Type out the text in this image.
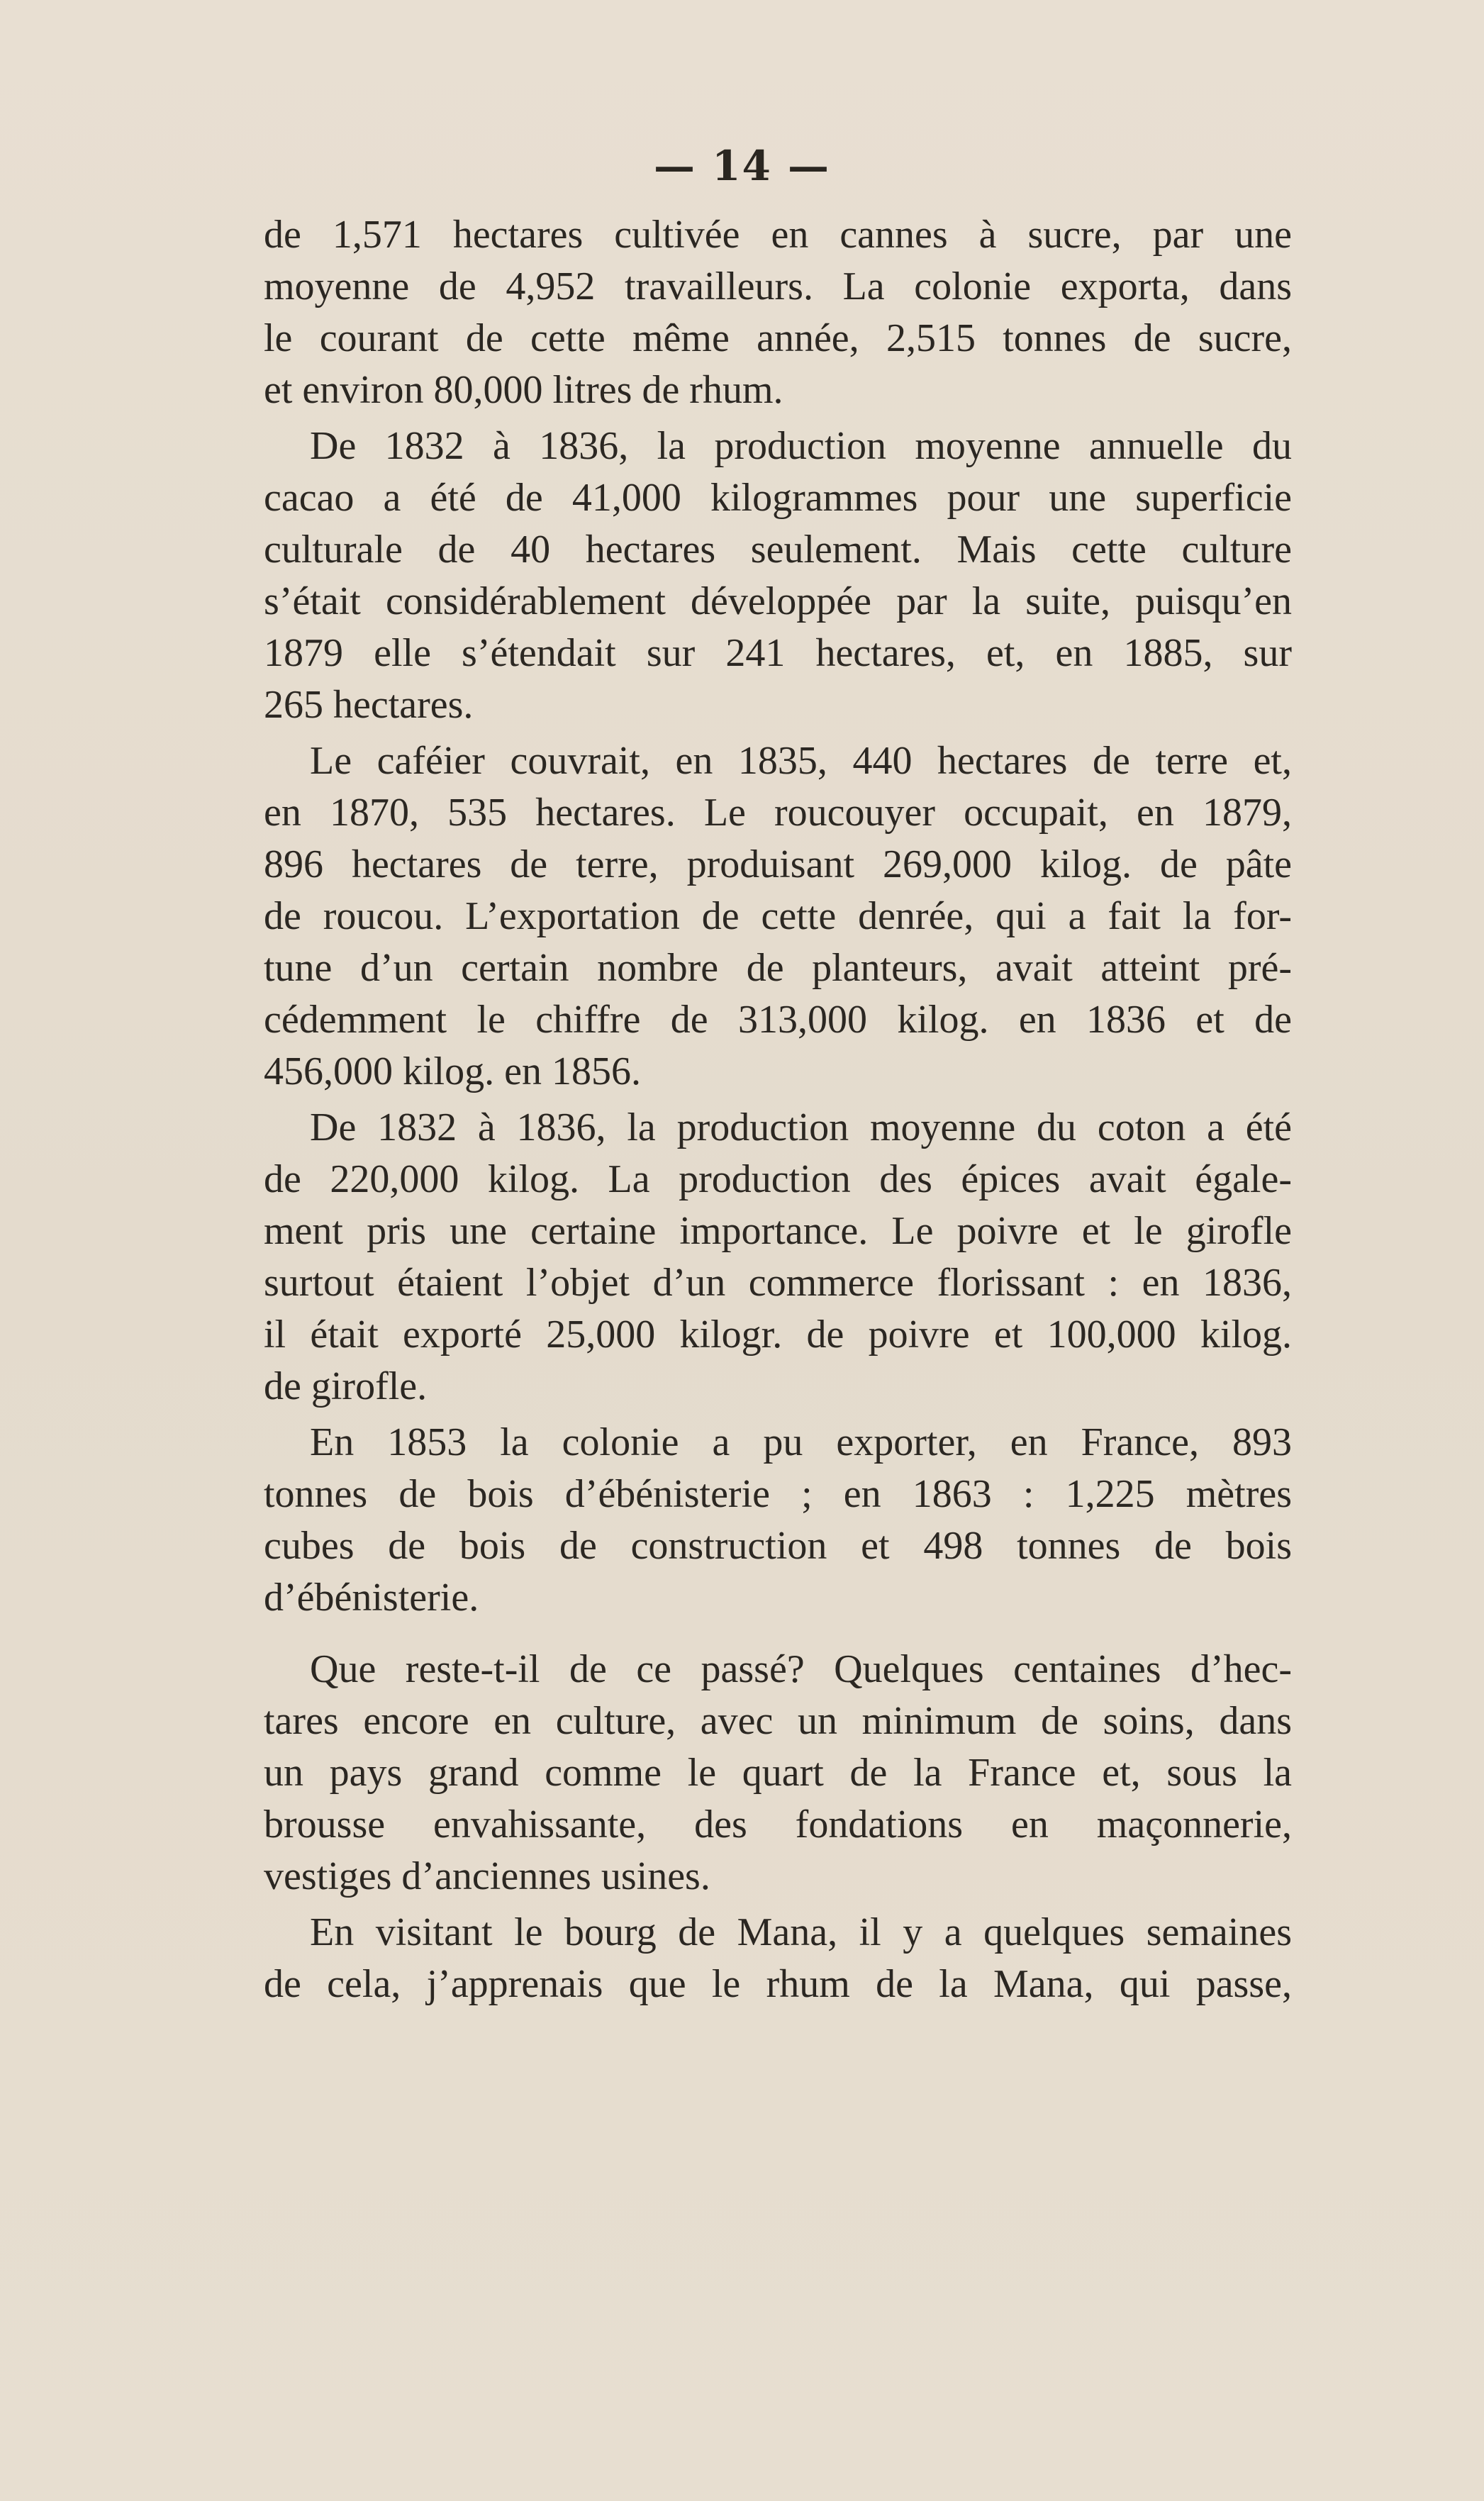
— 14 —
de 1,571 hectares cultivée en cannes à sucre, par une
moyenne de 4,952 travailleurs. La colonie exporta, dans
le courant de cette même année, 2,515 tonnes de sucre,
et environ 80,000 litres de rhum.
De 1832 à 1836, la production moyenne annuelle du
cacao a été de 41,000 kilogrammes pour une superficie
culturale de 40 hectares seulement. Mais cette culture
s’était considérablement développée par la suite, puisqu’en
1879 elle s’étendait sur 241 hectares, et, en 1885, sur
265 hectares.
Le caféier couvrait, en 1835, 440 hectares de terre et,
en 1870, 535 hectares. Le roucouyer occupait, en 1879,
896 hectares de terre, produisant 269,000 kilog. de pâte
de roucou. L’exportation de cette denrée, qui a fait la for-
tune d’un certain nombre de planteurs, avait atteint pré-
cédemment le chiffre de 313,000 kilog. en 1836 et de
456,000 kilog. en 1856.
De 1832 à 1836, la production moyenne du coton a été
de 220,000 kilog. La production des épices avait égale-
ment pris une certaine importance. Le poivre et le girofle
surtout étaient l’objet d’un commerce florissant : en 1836,
il était exporté 25,000 kilogr. de poivre et 100,000 kilog.
de girofle.
En 1853 la colonie a pu exporter, en France, 893
tonnes de bois d’ébénisterie ; en 1863 : 1,225 mètres
cubes de bois de construction et 498 tonnes de bois
d’ébénisterie.
Que reste-t-il de ce passé? Quelques centaines d’hec-
tares encore en culture, avec un minimum de soins, dans
un pays grand comme le quart de la France et, sous la
brousse envahissante, des fondations en maçonnerie,
vestiges d’anciennes usines.
En visitant le bourg de Mana, il y a quelques semaines
de cela, j’apprenais que le rhum de la Mana, qui passe,
